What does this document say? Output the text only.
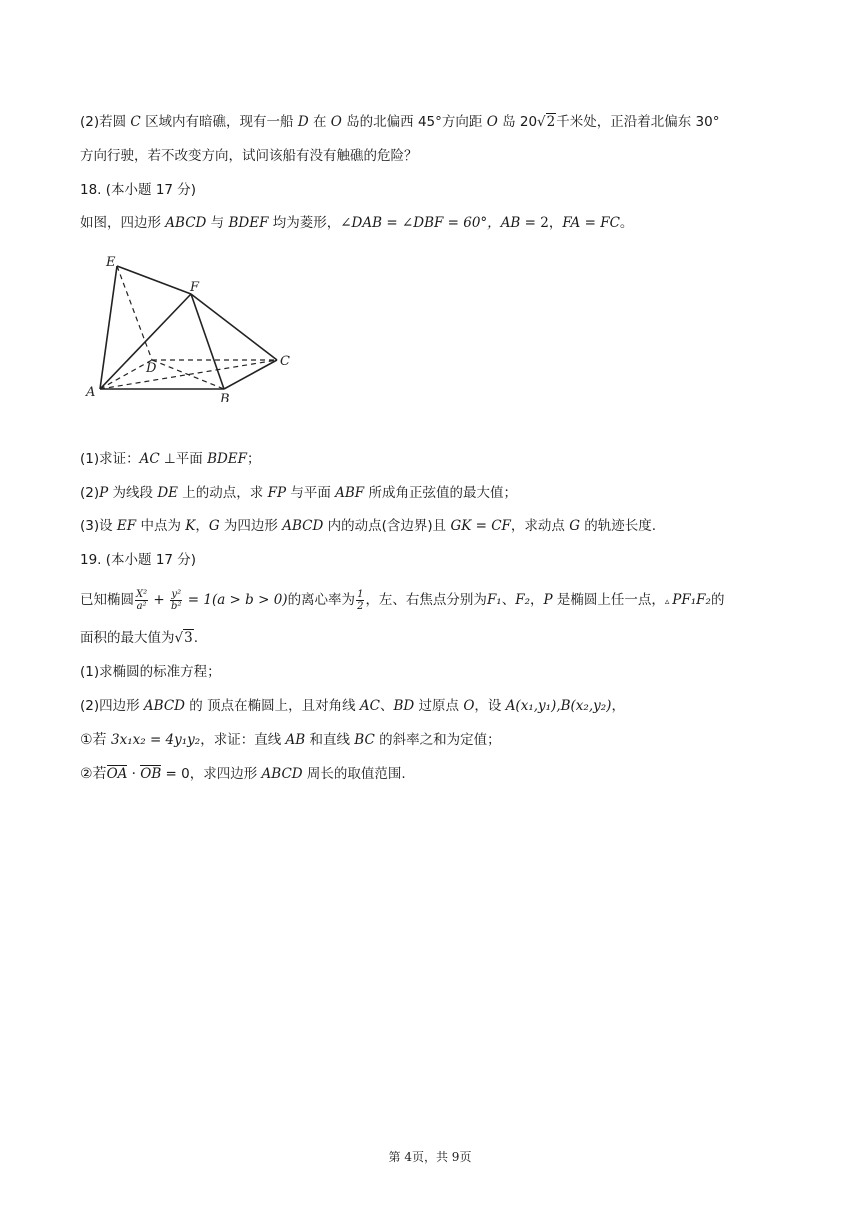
(2)若圆 C 区域内有暗礁，现有一船 D 在 O 岛的北偏西 45°方向距 O 岛 20√2千米处，正沿着北偏东 30°
方向行驶，若不改变方向，试问该船有没有触礁的危险？
18. (本小题 17 分)
如图，四边形 ABCD 与 BDEF 均为菱形，∠DAB = ∠DBF = 60°，AB = 2，FA = FC。
E
F
D	C
A	B
(1)求证：AC ⊥平面 BDEF；
(2)P 为线段 DE 上的动点，求 FP 与平面 ABF 所成角正弦值的最大值；
(3)设 EF 中点为 K，G 为四边形 ABCD 内的动点(含边界)且 GK = CF，求动点 G 的轨迹长度.
19. (本小题 17 分)
已知椭圆 $\frac{\text{X²}}{\text{a²}} + \frac{\text{y²}}{\text{b²}} = 1(a > b > 0)$的离心率为 $\frac{1}{2}$ ，左、右焦点分别为F₁、F₂，P 是椭圆上任一点，▵ PF₁F₂的
面积的最大值为√3.
(1)求椭圆的标准方程；
(2)四边形 ABCD 的 顶点在椭圆上，且对角线 AC、BD 过原点 O，设 A(x₁,y₁),B(x₂,y₂)，
①若 3x₁x₂ = 4y₁y₂，求证：直线 AB 和直线 BC 的斜率之和为定值；
②若OA · OB = 0，求四边形 ABCD 周长的取值范围.
第 4页，共 9页
